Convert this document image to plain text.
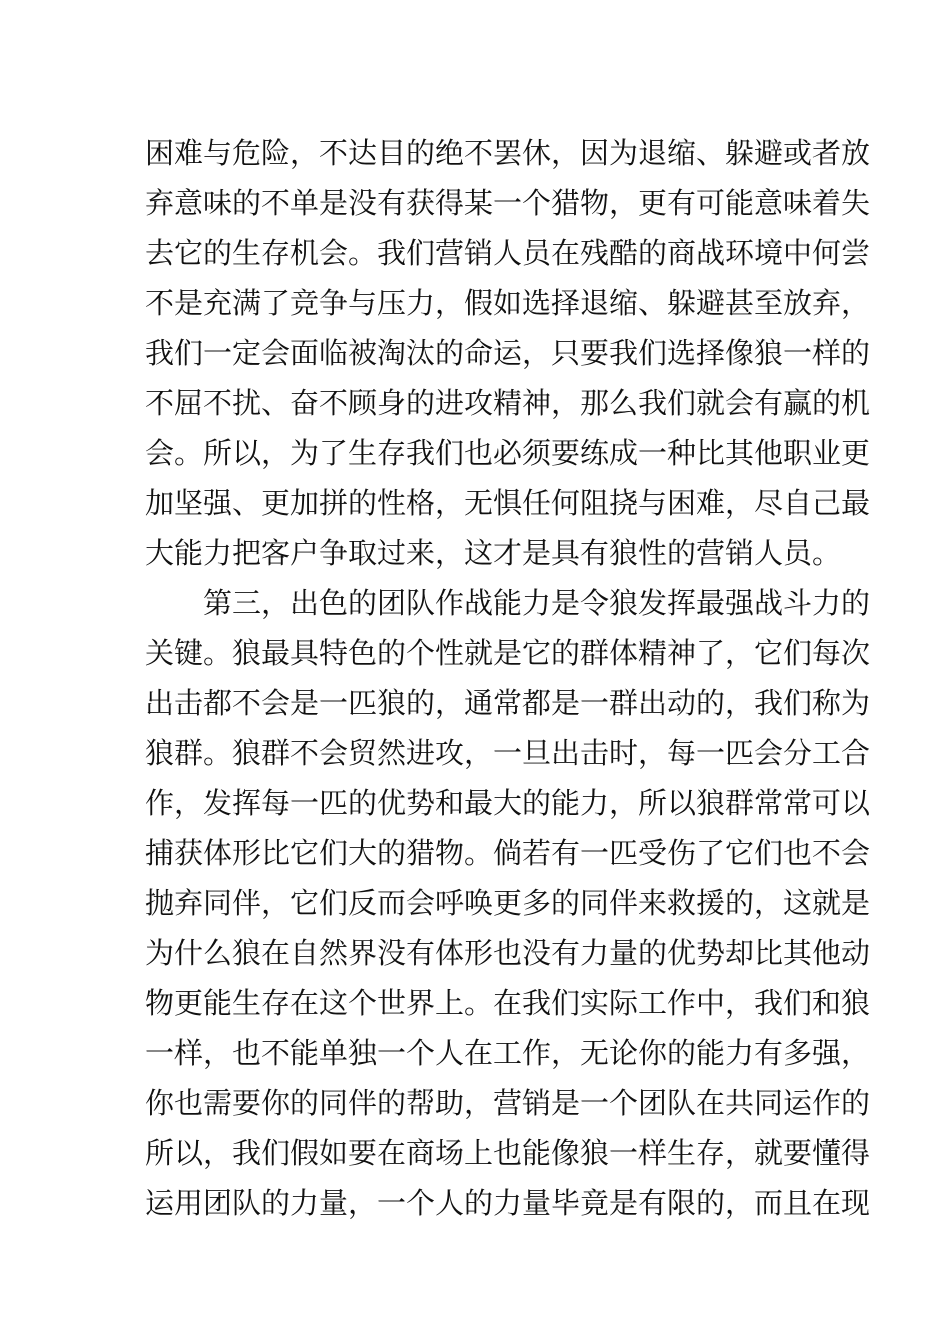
困难与危险，不达目的绝不罢休，因为退缩、躲避或者放
弃意味的不单是没有获得某一个猎物，更有可能意味着失
去它的生存机会。我们营销人员在残酷的商战环境中何尝
不是充满了竞争与压力，假如选择退缩、躲避甚至放弃，
我们一定会面临被淘汰的命运，只要我们选择像狼一样的
不屈不扰、奋不顾身的进攻精神，那么我们就会有赢的机
会。所以，为了生存我们也必须要练成一种比其他职业更
加坚强、更加拼的性格，无惧任何阻挠与困难，尽自己最
大能力把客户争取过来，这才是具有狼性的营销人员。
第三，出色的团队作战能力是令狼发挥最强战斗力的
关键。狼最具特色的个性就是它的群体精神了，它们每次
出击都不会是一匹狼的，通常都是一群出动的，我们称为
狼群。狼群不会贸然进攻，一旦出击时，每一匹会分工合
作，发挥每一匹的优势和最大的能力，所以狼群常常可以
捕获体形比它们大的猎物。倘若有一匹受伤了它们也不会
抛弃同伴，它们反而会呼唤更多的同伴来救援的，这就是
为什么狼在自然界没有体形也没有力量的优势却比其他动
物更能生存在这个世界上。在我们实际工作中，我们和狼
一样，也不能单独一个人在工作，无论你的能力有多强，
你也需要你的同伴的帮助，营销是一个团队在共同运作的
所以，我们假如要在商场上也能像狼一样生存，就要懂得
运用团队的力量，一个人的力量毕竟是有限的，而且在现
